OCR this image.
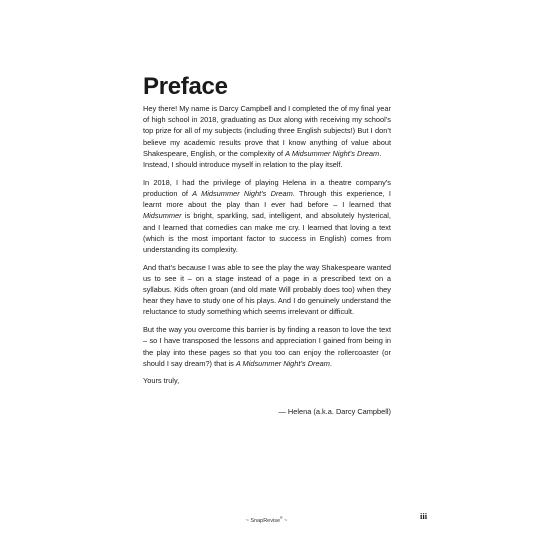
Preface

Hey there! My name is Darcy Campbell and I completed the of my final year of high school in 2018, graduating as Dux along with receiving my school’s top prize for all of my subjects (including three English subjects!) But I don’t believe my academic results prove that I know anything of value about Shakespeare, English, or the complexity of A Midsummer Night’s Dream.
Instead, I should introduce myself in relation to the play itself.

In 2018, I had the privilege of playing Helena in a theatre company’s production of A Midsummer Night’s Dream. Through this experience, I learnt more about the play than I ever had before – I learned that Midsummer is bright, sparkling, sad, intelligent, and absolutely hysterical, and I learned that comedies can make me cry. I learned that loving a text (which is the most important factor to success in English) comes from understanding its complexity.

And that’s because I was able to see the play the way Shakespeare wanted us to see it – on a stage instead of a page in a prescribed text on a syllabus. Kids often groan (and old mate Will probably does too) when they hear they have to study one of his plays. And I do genuinely understand the reluctance to study something which seems irrelevant or difficult.

But the way you overcome this barrier is by finding a reason to love the text – so I have transposed the lessons and appreciation I gained from being in the play into these pages so that you too can enjoy the rollercoaster (or should I say dream?) that is A Midsummer Night’s Dream.

Yours truly,

— Helena (a.k.a. Darcy Campbell)
~ SnapRevise® ~	iii
